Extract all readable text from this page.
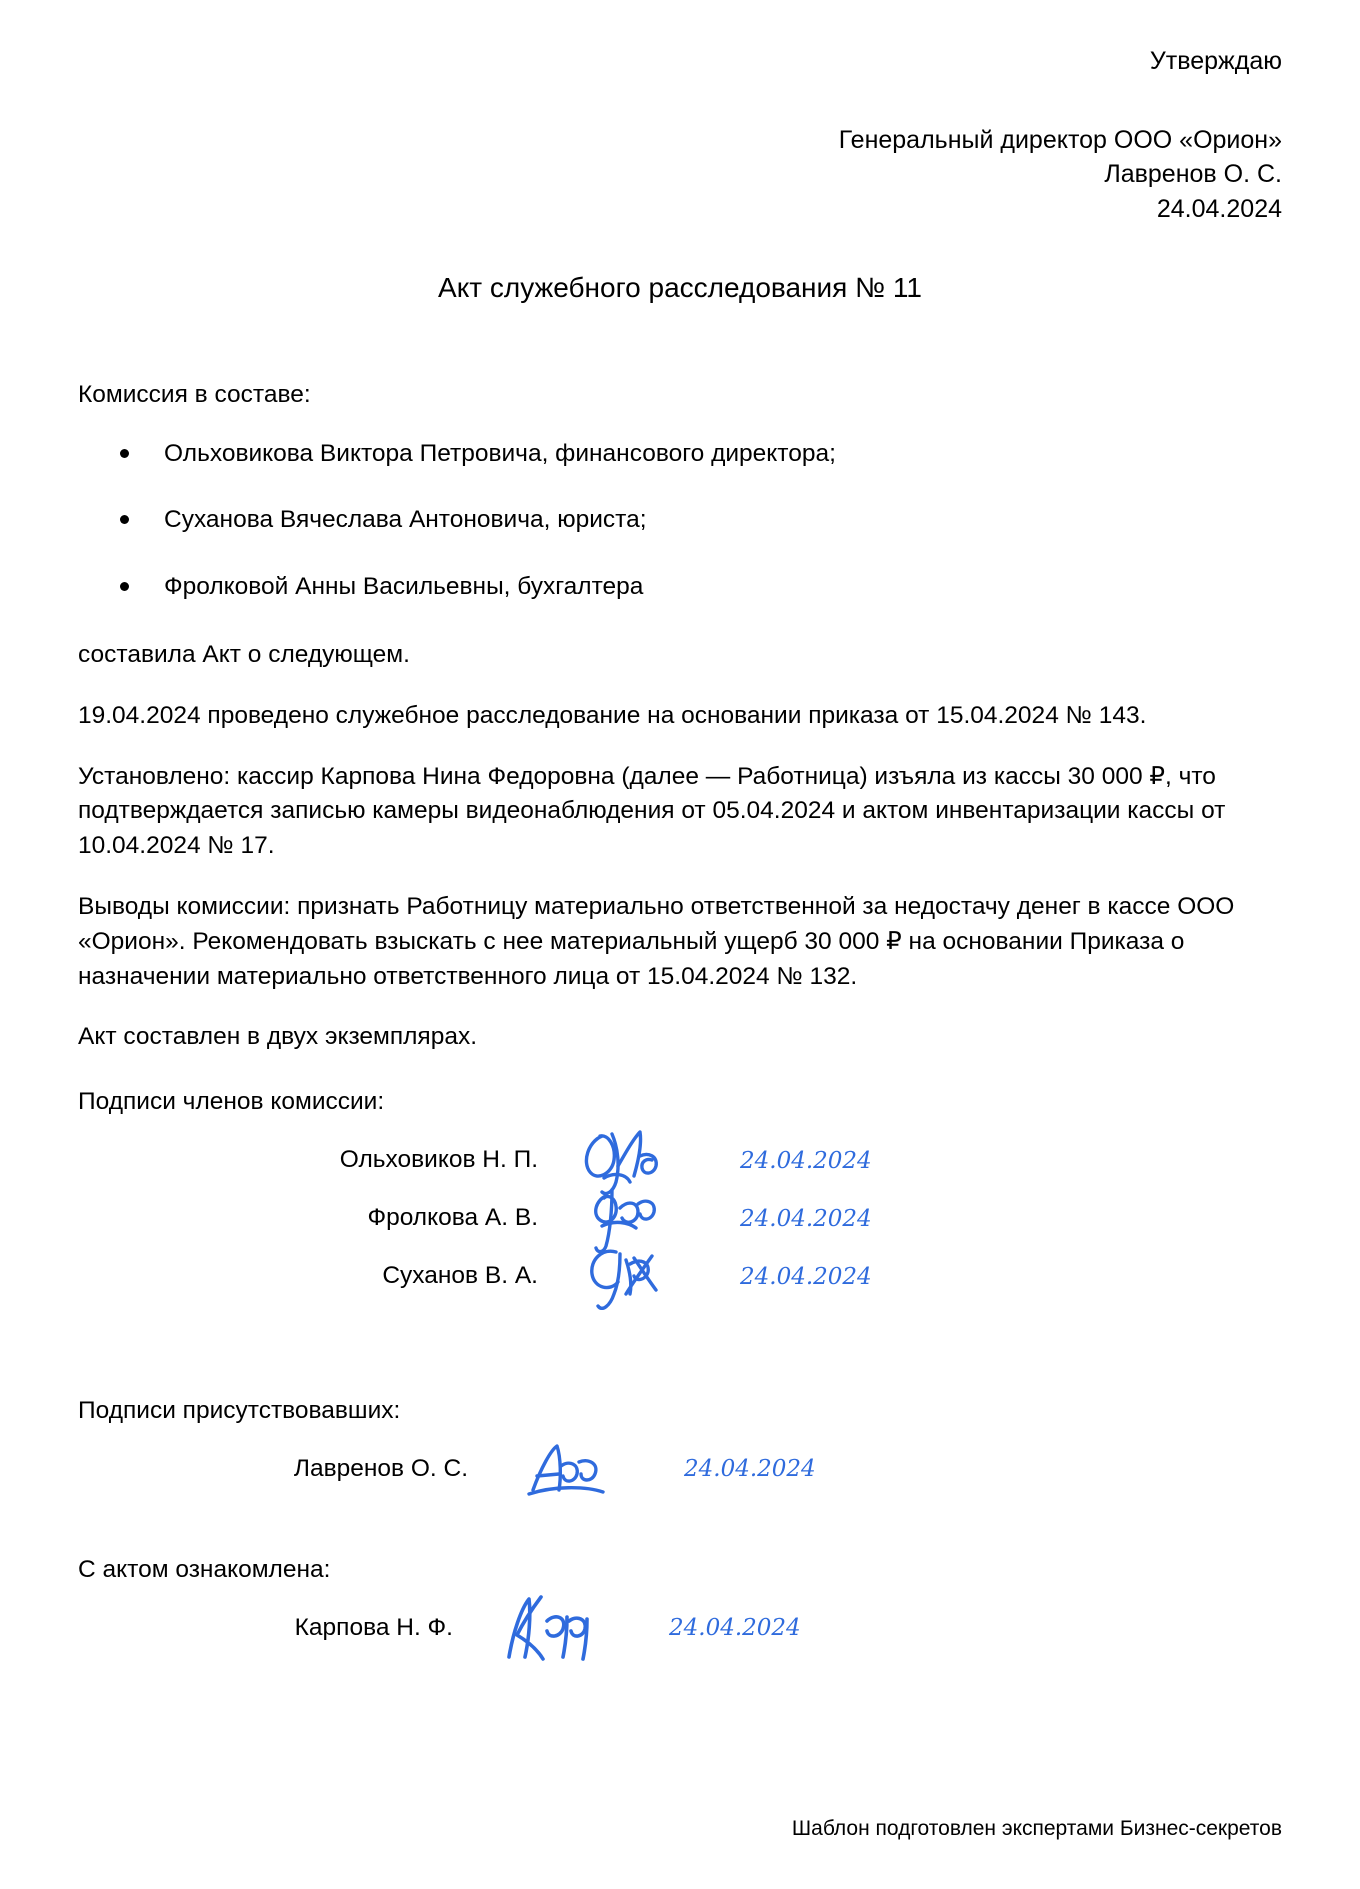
Утверждаю
Генеральный директор ООО «Орион»
Лавренов О. С.
24.04.2024
Акт служебного расследования № 11

Комиссия в составе:

Ольховикова Виктора Петровича, финансового директора;
Суханова Вячеслава Антоновича, юриста;
Фролковой Анны Васильевны, бухгалтера

составила Акт о следующем.

19.04.2024 проведено служебное расследование на основании приказа от 15.04.2024 № 143.

Установлено: кассир Карпова Нина Федоровна (далее — Работница) изъяла из кассы 30 000 ₽, что подтверждается записью камеры видеонаблюдения от 05.04.2024 и актом инвентаризации кассы от 10.04.2024 № 17.

Выводы комиссии: признать Работницу материально ответственной за недостачу денег в кассе ООО «Орион». Рекомендовать взыскать с нее материальный ущерб 30 000 ₽ на основании Приказа о назначении материально ответственного лица от 15.04.2024 № 132.

Акт составлен в двух экземплярах.

Подписи членов комиссии:

Ольховиков Н. П.	24.04.2024
Фролкова А. В.	24.04.2024
Суханов В. А.	24.04.2024

Подписи присутствовавших:

Лавренов О. С.	24.04.2024

С актом ознакомлена:

Карпова Н. Ф.	24.04.2024
Шаблон подготовлен экспертами Бизнес-секретов
